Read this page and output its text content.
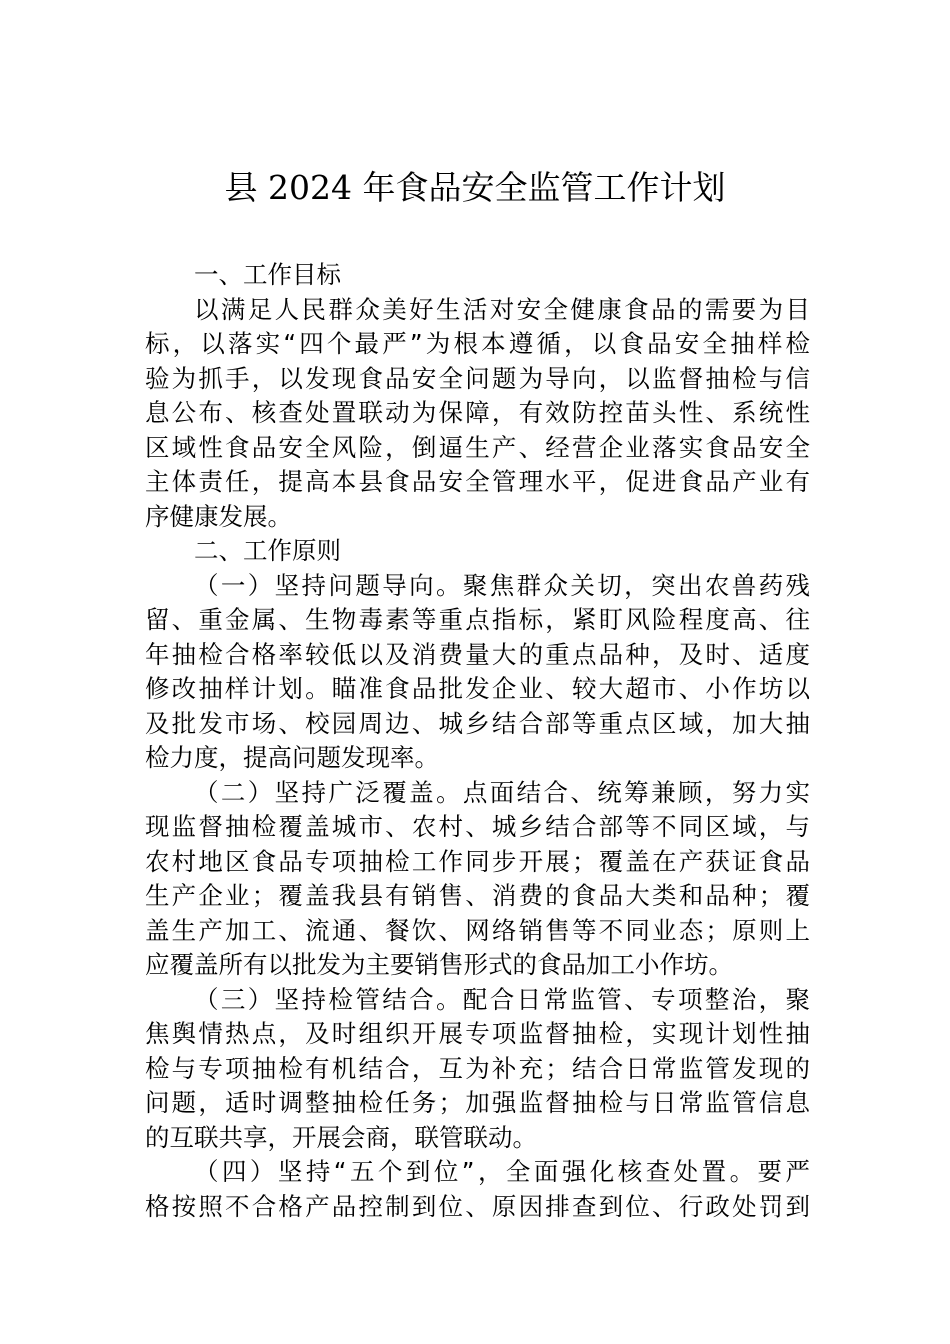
县 2024 年食品安全监管工作计划
一、工作目标
以满足人民群众美好生活对安全健康食品的需要为目
标，以落实“四个最严”为根本遵循，以食品安全抽样检
验为抓手，以发现食品安全问题为导向，以监督抽检与信
息公布、核查处置联动为保障，有效防控苗头性、系统性
区域性食品安全风险，倒逼生产、经营企业落实食品安全
主体责任，提高本县食品安全管理水平，促进食品产业有
序健康发展。
二、工作原则
（一）坚持问题导向。聚焦群众关切，突出农兽药残
留、重金属、生物毒素等重点指标，紧盯风险程度高、往
年抽检合格率较低以及消费量大的重点品种，及时、适度
修改抽样计划。瞄准食品批发企业、较大超市、小作坊以
及批发市场、校园周边、城乡结合部等重点区域，加大抽
检力度，提高问题发现率。
（二）坚持广泛覆盖。点面结合、统筹兼顾，努力实
现监督抽检覆盖城市、农村、城乡结合部等不同区域，与
农村地区食品专项抽检工作同步开展；覆盖在产获证食品
生产企业；覆盖我县有销售、消费的食品大类和品种；覆
盖生产加工、流通、餐饮、网络销售等不同业态；原则上
应覆盖所有以批发为主要销售形式的食品加工小作坊。
（三）坚持检管结合。配合日常监管、专项整治，聚
焦舆情热点，及时组织开展专项监督抽检，实现计划性抽
检与专项抽检有机结合，互为补充；结合日常监管发现的
问题，适时调整抽检任务；加强监督抽检与日常监管信息
的互联共享，开展会商，联管联动。
（四）坚持“五个到位”，全面强化核查处置。要严
格按照不合格产品控制到位、原因排查到位、行政处罚到
